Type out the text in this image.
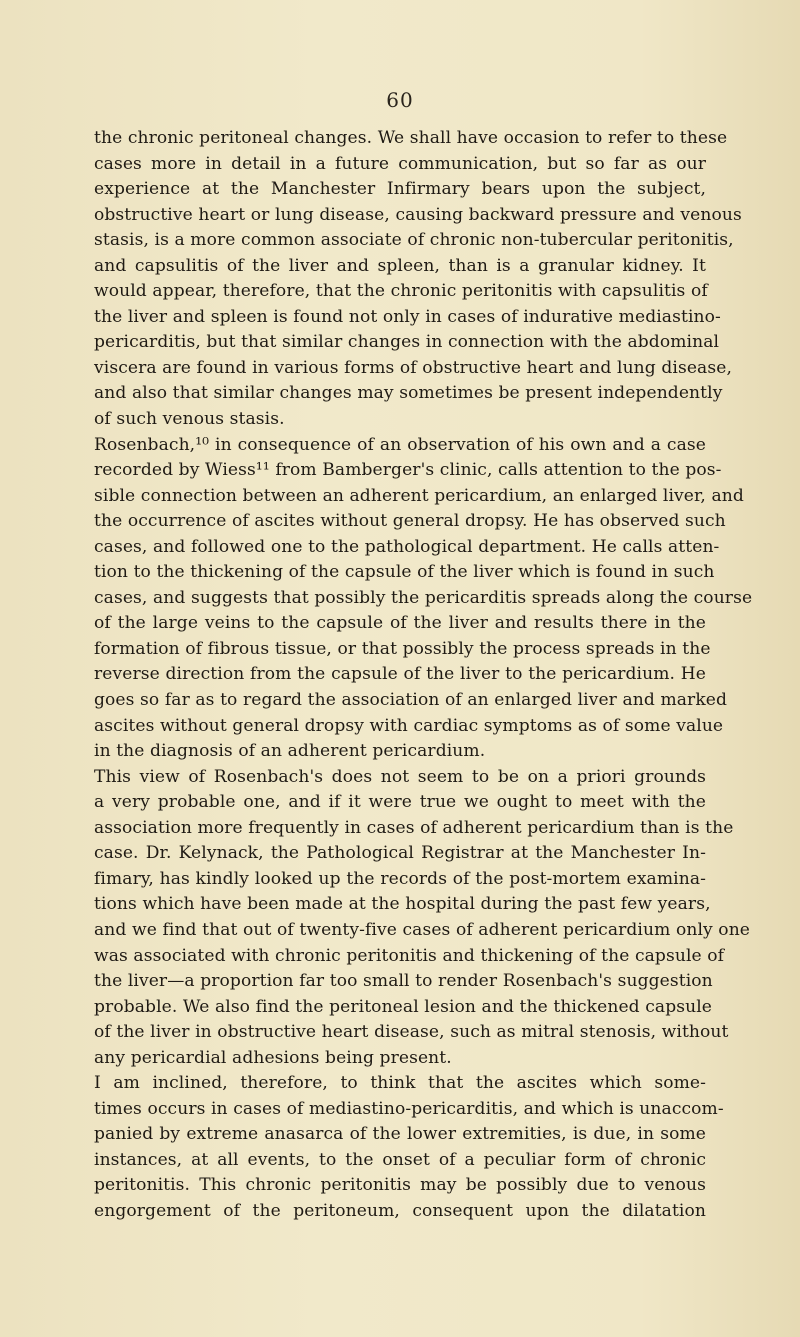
60
the chronic peritoneal changes. We shall have occasion to refer to these
cases more in detail in a future communication, but so far as our
experience at the Manchester Infirmary bears upon the subject,
obstructive heart or lung disease, causing backward pressure and venous
stasis, is a more common associate of chronic non-tubercular peritonitis,
and capsulitis of the liver and spleen, than is a granular kidney. It
would appear, therefore, that the chronic peritonitis with capsulitis of
the liver and spleen is found not only in cases of indurative mediastino-
pericarditis, but that similar changes in connection with the abdominal
viscera are found in various forms of obstructive heart and lung disease,
and also that similar changes may sometimes be present independently
of such venous stasis.
Rosenbach,¹⁰ in consequence of an observation of his own and a case
recorded by Wiess¹¹ from Bamberger's clinic, calls attention to the pos-
sible connection between an adherent pericardium, an enlarged liver, and
the occurrence of ascites without general dropsy. He has observed such
cases, and followed one to the pathological department. He calls atten-
tion to the thickening of the capsule of the liver which is found in such
cases, and suggests that possibly the pericarditis spreads along the course
of the large veins to the capsule of the liver and results there in the
formation of fibrous tissue, or that possibly the process spreads in the
reverse direction from the capsule of the liver to the pericardium. He
goes so far as to regard the association of an enlarged liver and marked
ascites without general dropsy with cardiac symptoms as of some value
in the diagnosis of an adherent pericardium.
This view of Rosenbach's does not seem to be on a priori grounds
a very probable one, and if it were true we ought to meet with the
association more frequently in cases of adherent pericardium than is the
case. Dr. Kelynack, the Pathological Registrar at the Manchester In-
fimary, has kindly looked up the records of the post-mortem examina-
tions which have been made at the hospital during the past few years,
and we find that out of twenty-five cases of adherent pericardium only one
was associated with chronic peritonitis and thickening of the capsule of
the liver—a proportion far too small to render Rosenbach's suggestion
probable. We also find the peritoneal lesion and the thickened capsule
of the liver in obstructive heart disease, such as mitral stenosis, without
any pericardial adhesions being present.
I am inclined, therefore, to think that the ascites which some-
times occurs in cases of mediastino-pericarditis, and which is unaccom-
panied by extreme anasarca of the lower extremities, is due, in some
instances, at all events, to the onset of a peculiar form of chronic
peritonitis. This chronic peritonitis may be possibly due to venous
engorgement of the peritoneum, consequent upon the dilatation
